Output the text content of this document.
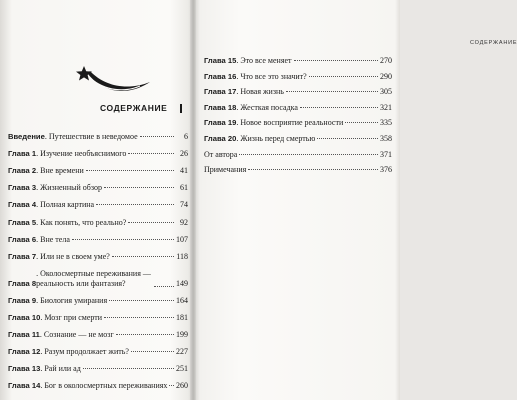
СОДЕРЖАНИЕ
Введение . Путешествие в неведомое	6
Глава 1 . Изучение необъяснимого	26
Глава 2 . Вне времени	41
Глава 3 . Жизненный обзор	61
Глава 4 . Полная картина	74
Глава 5 . Как понять, что реально?	92
Глава 6 . Вне тела	107
Глава 7 . Или не в своем уме?	118
Глава 8
. Околосмертные переживания — реальность или фантазия?	149
Глава 9 . Биология умирания	164
Глава 10 . Мозг при смерти	181
Глава 11 . Сознание — не мозг	199
Глава 12 . Разум продолжает жить?	227
Глава 13 . Рай или ад	251
Глава 14 . Бог в околосмертных переживаниях 260
СОДЕРЖАНИЕ
Глава 15 . Это все меняет	270
Глава 16 . Что все это значит?	290
Глава 17 . Новая жизнь	305
Глава 18 . Жесткая посадка	321
Глава 19 . Новое восприятие реальности	335
Глава 20 . Жизнь перед смертью	358
От автора	371
Примечания	376
